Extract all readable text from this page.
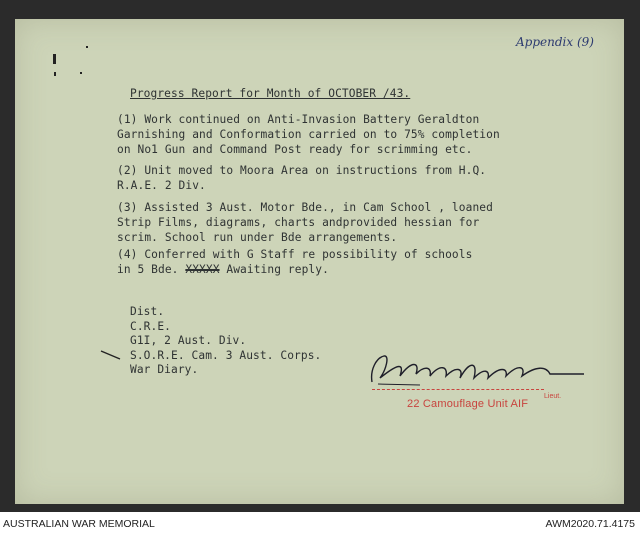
Appendix (9)
Progress Report for Month of OCTOBER /43.
(1) Work continued on Anti-Invasion Battery Geraldton
Garnishing and Conformation carried on to 75% completion
on No1 Gun and Command Post ready for scrimming etc.
(2) Unit moved to Moora Area on instructions from H.Q.
R.A.E. 2 Div.
(3) Assisted 3 Aust. Motor Bde., in Cam School , loaned
Strip Films, diagrams, charts andprovided hessian for
scrim. School run under Bde arrangements.
(4) Conferred with G Staff re possibility of schools
in 5 Bde. XXXXX Awaiting reply.
Dist.
C.R.E.
G1I, 2 Aust. Div.
S.O.R.E. Cam. 3 Aust. Corps.
War Diary.
Lieut.
22 Camouflage Unit AIF
AUSTRALIAN WAR MEMORIAL	AWM2020.71.4175
